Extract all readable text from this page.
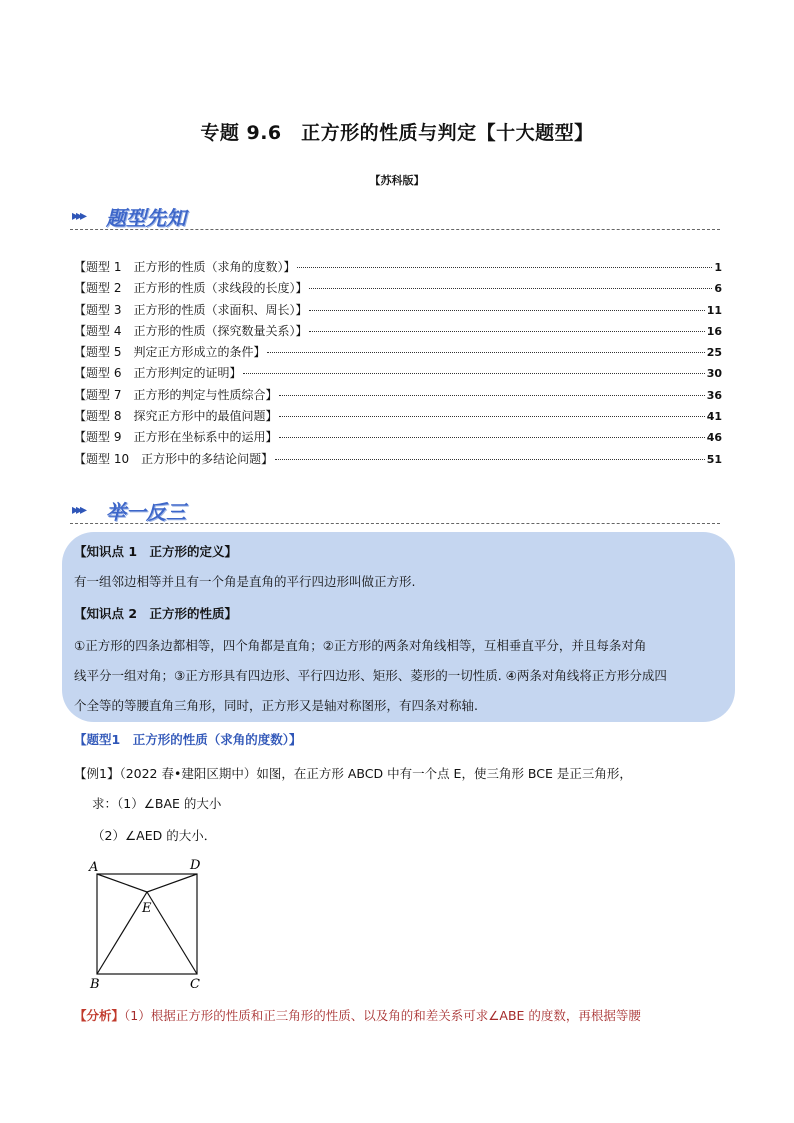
专题 9.6　正方形的性质与判定【十大题型】
【苏科版】
▸▸▸ 题型先知
【题型 1　正方形的性质（求角的度数）】	1
【题型 2　正方形的性质（求线段的长度）】	6
【题型 3　正方形的性质（求面积、周长）】	11
【题型 4　正方形的性质（探究数量关系）】	16
【题型 5　判定正方形成立的条件】	25
【题型 6　正方形判定的证明】	30
【题型 7　正方形的判定与性质综合】	36
【题型 8　探究正方形中的最值问题】	41
【题型 9　正方形在坐标系中的运用】	46
【题型 10　正方形中的多结论问题】	51
▸▸▸ 举一反三

【知识点 1　正方形的定义】

有一组邻边相等并且有一个角是直角的平行四边形叫做正方形.

【知识点 2　正方形的性质】

①正方形的四条边都相等，四个角都是直角；②正方形的两条对角线相等，互相垂直平分，并且每条对角

线平分一组对角；③正方形具有四边形、平行四边形、矩形、菱形的一切性质. ④两条对角线将正方形分成四

个全等的等腰直角三角形，同时，正方形又是轴对称图形，有四条对称轴.

【题型1　正方形的性质（求角的度数）】
【例1】（2022 春•建阳区期中）如图，在正方形 ABCD 中有一个点 E，使三角形 BCE 是正三角形，
求：（1）∠BAE 的大小
（2）∠AED 的大小．
A	D
E
B	C
【分析】（1）根据正方形的性质和正三角形的性质、以及角的和差关系可求∠ABE 的度数，再根据等腰
